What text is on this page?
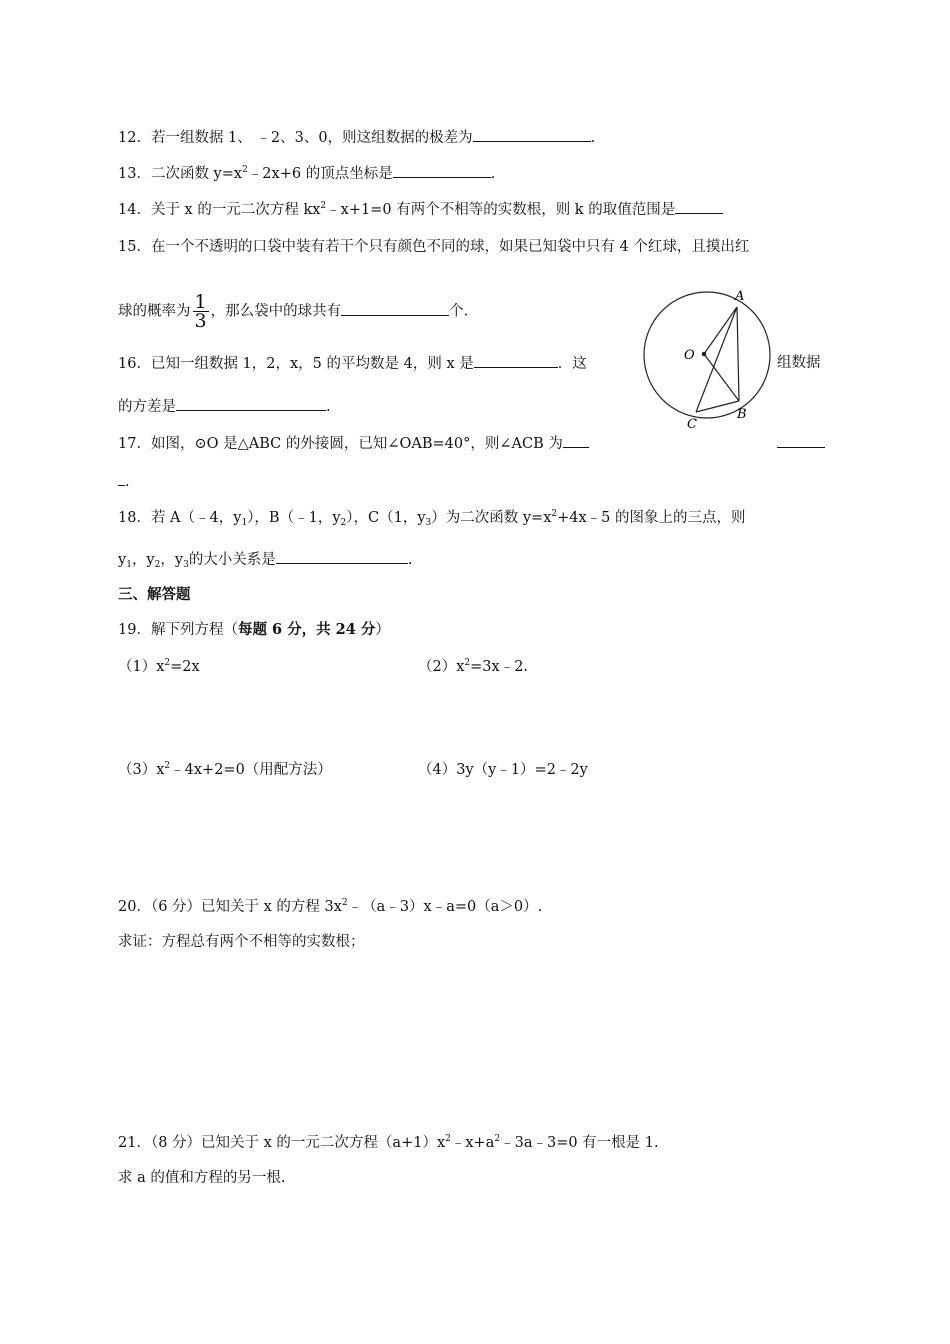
12．若一组数据 1、 ﹣2、3、0，则这组数据的极差为	.
13．二次函数 $y=x^2﹣2x+6$ 的顶点坐标是	.
14．关于 x 的一元二次方程 $kx^2﹣x+1=0$ 有两个不相等的实数根，则 k 的取值范围是
15．在一个不透明的口袋中装有若干个只有颜色不同的球，如果已知袋中只有 4 个红球，且摸出红
球的概率为 $\frac{1}{3}$ ，那么袋中的球共有	个.
16．已知一组数据 1，2，x，5 的平均数是 4，则 x 是	．这	组数据
的方差是	.
17．如图，⊙O 是△ABC 的外接圆，已知∠OAB=40°，则∠ACB 为
.
A
B
C
O
18．若 A（﹣4，$y_1$），B（﹣1，$y_2$），C（1，$y_3$）为二次函数 $y=x^2+4x﹣5$ 的图象上的三点，则
$y_1$，$y_2$，$y_3$的大小关系是	.
三、解答题
19．解下列方程（每题 6 分，共 24 分）
$(1)x^2=2x$	$(2)x^2=3x﹣2$.
$(3)x^2﹣4x+2=0$（用配方法）	（4）3y（y﹣1）=2﹣2y
20．（6 分）已知关于 x 的方程 $3x^2﹣(a﹣3)x﹣a=0(a>0)$.
求证：方程总有两个不相等的实数根；
21．（8 分）已知关于 x 的一元二次方程$(a+1)x^2﹣x+a^2﹣3a﹣3=0$ 有一根是 1.
求 a 的值和方程的另一根.
